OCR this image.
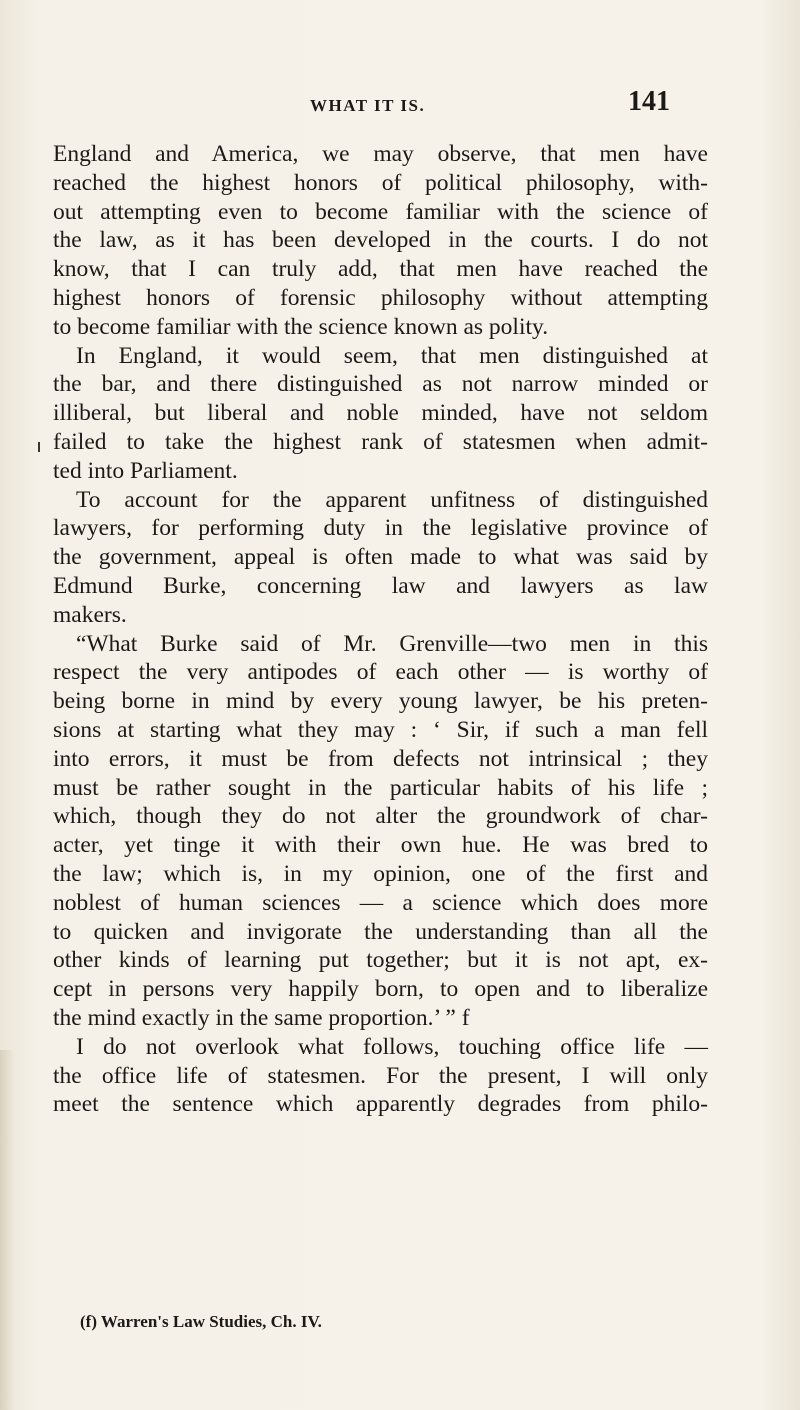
WHAT IT IS.	141
England and America, we may observe, that men have
reached the highest honors of political philosophy, with-
out attempting even to become familiar with the science of
the law, as it has been developed in the courts. I do not
know, that I can truly add, that men have reached the
highest honors of forensic philosophy without attempting
to become familiar with the science known as polity.
In England, it would seem, that men distinguished at
the bar, and there distinguished as not narrow minded or
illiberal, but liberal and noble minded, have not seldom
failed to take the highest rank of statesmen when admit-
ted into Parliament.
To account for the apparent unfitness of distinguished
lawyers, for performing duty in the legislative province of
the government, appeal is often made to what was said by
Edmund Burke, concerning law and lawyers as law
makers.
“What Burke said of Mr. Grenville—two men in this
respect the very antipodes of each other — is worthy of
being borne in mind by every young lawyer, be his preten-
sions at starting what they may : ‘ Sir, if such a man fell
into errors, it must be from defects not intrinsical ; they
must be rather sought in the particular habits of his life ;
which, though they do not alter the groundwork of char-
acter, yet tinge it with their own hue. He was bred to
the law; which is, in my opinion, one of the first and
noblest of human sciences — a science which does more
to quicken and invigorate the understanding than all the
other kinds of learning put together; but it is not apt, ex-
cept in persons very happily born, to open and to liberalize
the mind exactly in the same proportion.’ ” f
I do not overlook what follows, touching office life —
the office life of statesmen. For the present, I will only
meet the sentence which apparently degrades from philo-
(f) Warren's Law Studies, Ch. IV.
